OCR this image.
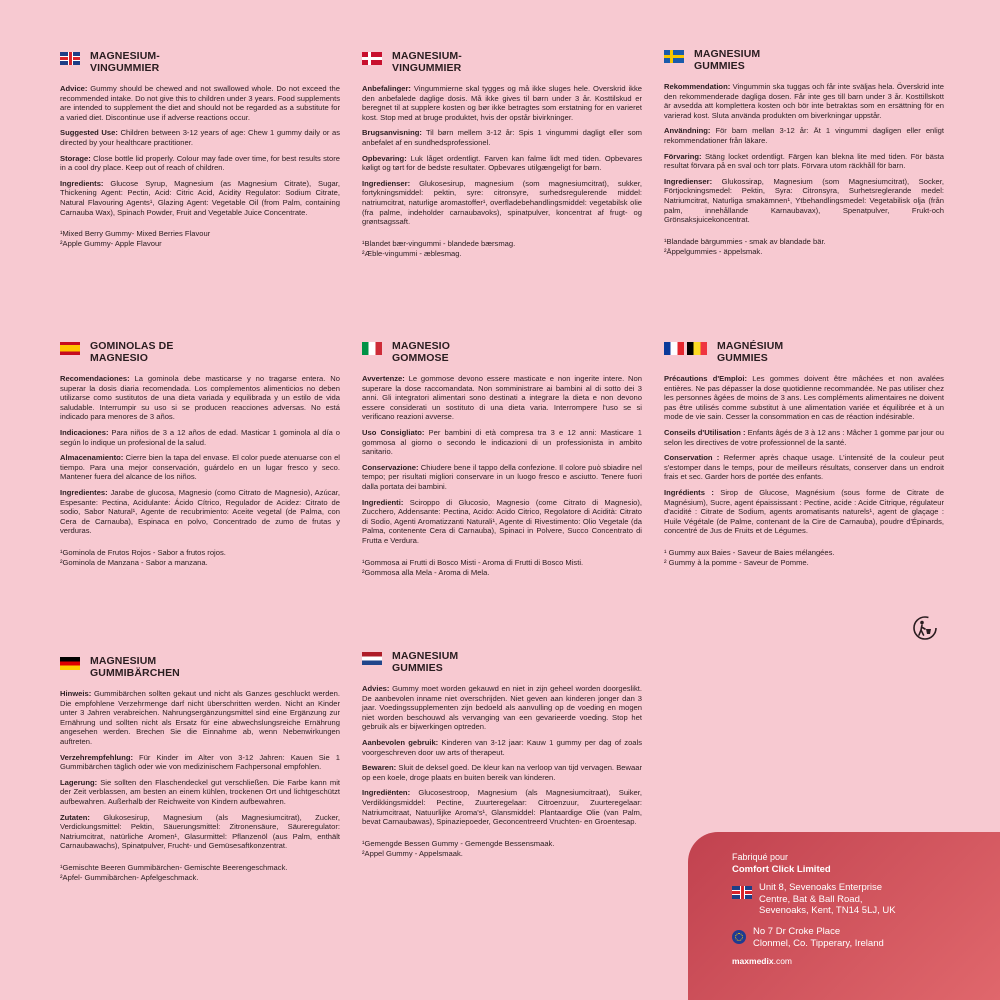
MAGNESIUM-
VINGUMMIER

Advice: Gummy should be chewed and not swallowed whole. Do not exceed the recommended intake. Do not give this to children under 3 years. Food supplements are intended to supplement the diet and should not be regarded as a substitute for a varied diet. Discontinue use if adverse reactions occur.

Suggested Use: Children between 3-12 years of age: Chew 1 gummy daily or as directed by your healthcare practitioner.

Storage: Close bottle lid properly. Colour may fade over time, for best results store in a cool dry place. Keep out of reach of children.

Ingredients: Glucose Syrup, Magnesium (as Magnesium Citrate), Sugar, Thickening Agent: Pectin, Acid: Citric Acid, Acidity Regulator: Sodium Citrate, Natural Flavouring Agents¹, Glazing Agent: Vegetable Oil (from Palm, containing Carnauba Wax), Spinach Powder, Fruit and Vegetable Juice Concentrate.

¹Mixed Berry Gummy- Mixed Berries Flavour

²Apple Gummy- Apple Flavour

GOMINOLAS DE
MAGNESIO

Recomendaciones: La gominola debe masticarse y no tragarse entera. No superar la dosis diaria recomendada. Los complementos alimenticios no deben utilizarse como sustitutos de una dieta variada y equilibrada y un estilo de vida saludable. Interrumpir su uso si se producen reacciones adversas. No está indicado para menores de 3 años.

Indicaciones: Para niños de 3 a 12 años de edad. Masticar 1 gominola al día o según lo indique un profesional de la salud.

Almacenamiento: Cierre bien la tapa del envase. El color puede atenuarse con el tiempo. Para una mejor conservación, guárdelo en un lugar fresco y seco. Mantener fuera del alcance de los niños.

Ingredientes: Jarabe de glucosa, Magnesio (como Citrato de Magnesio), Azúcar, Espesante: Pectina, Acidulante: Ácido Cítrico, Regulador de Acidez: Citrato de sodio, Sabor Natural¹, Agente de recubrimiento: Aceite vegetal (de Palma, con Cera de Carnauba), Espinaca en polvo, Concentrado de zumo de frutas y verduras.

¹Gominola de Frutos Rojos - Sabor a frutos rojos.

²Gominola de Manzana - Sabor a manzana.

MAGNESIUM
GUMMIBÄRCHEN

Hinweis: Gummibärchen sollten gekaut und nicht als Ganzes geschluckt werden. Die empfohlene Verzehrmenge darf nicht überschritten werden. Nicht an Kinder unter 3 Jahren verabreichen. Nahrungsergänzungsmittel sind eine Ergänzung zur Ernährung und sollten nicht als Ersatz für eine abwechslungsreiche Ernährung angesehen werden. Brechen Sie die Einnahme ab, wenn Nebenwirkungen auftreten.

Verzehrempfehlung: Für Kinder im Alter von 3-12 Jahren: Kauen Sie 1 Gummibärchen täglich oder wie von medizinischem Fachpersonal empfohlen.

Lagerung: Sie sollten den Flaschendeckel gut verschließen. Die Farbe kann mit der Zeit verblassen, am besten an einem kühlen, trockenen Ort und lichtgeschützt aufbewahren. Außerhalb der Reichweite von Kindern aufbewahren.

Zutaten: Glukosesirup, Magnesium (als Magnesiumcitrat), Zucker, Verdickungsmittel: Pektin, Säuerungsmittel: Zitronensäure, Säureregulator: Natriumcitrat, natürliche Aromen¹, Glasurmittel: Pflanzenöl (aus Palm, enthält Carnaubawachs), Spinatpulver, Frucht- und Gemüsesaftkonzentrat.

¹Gemischte Beeren Gummibärchen- Gemischte Beerengeschmack.

²Apfel- Gummibärchen- Apfelgeschmack.

MAGNESIUM-
VINGUMMIER

Anbefalinger: Vingummierne skal tygges og må ikke sluges hele. Overskrid ikke den anbefalede daglige dosis. Må ikke gives til børn under 3 år. Kosttilskud er beregnet til at supplere kosten og bør ikke betragtes som erstatning for en varieret kost. Stop med at bruge produktet, hvis der opstår bivirkninger.

Brugsanvisning: Til børn mellem 3-12 år: Spis 1 vingummi dagligt eller som anbefalet af en sundhedsprofessionel.

Opbevaring: Luk låget ordentligt. Farven kan falme lidt med tiden. Opbevares køligt og tørt for de bedste resultater. Opbevares utilgængeligt for børn.

Ingredienser: Glukosesirup, magnesium (som magnesiumcitrat), sukker, fortykningsmiddel: pektin, syre: citronsyre, surhedsregulerende middel: natriumcitrat, naturlige aromastoffer¹, overfladebehandlingsmiddel: vegetabilsk olie (fra palme, indeholder carnaubavoks), spinatpulver, koncentrat af frugt- og grøntsagssaft.

¹Blandet bær-vingummi - blandede bærsmag.

²Æble-vingummi - æblesmag.

MAGNESIO
GOMMOSE

Avvertenze: Le gommose devono essere masticate e non ingerite intere. Non superare la dose raccomandata. Non somministrare ai bambini al di sotto dei 3 anni. Gli integratori alimentari sono destinati a integrare la dieta e non devono essere considerati un sostituto di una dieta varia. Interrompere l'uso se si verificano reazioni avverse.

Uso Consigliato: Per bambini di età compresa tra 3 e 12 anni: Masticare 1 gommosa al giorno o secondo le indicazioni di un professionista in ambito sanitario.

Conservazione: Chiudere bene il tappo della confezione. Il colore può sbiadire nel tempo; per risultati migliori conservare in un luogo fresco e asciutto. Tenere fuori dalla portata dei bambini.

Ingredienti: Sciroppo di Glucosio, Magnesio (come Citrato di Magnesio), Zucchero, Addensante: Pectina, Acido: Acido Citrico, Regolatore di Acidità: Citrato di Sodio, Agenti Aromatizzanti Naturali¹, Agente di Rivestimento: Olio Vegetale (da Palma, contenente Cera di Carnauba), Spinaci in Polvere, Succo Concentrato di Frutta e Verdura.

¹Gommosa ai Frutti di Bosco Misti - Aroma di Frutti di Bosco Misti.

²Gommosa alla Mela - Aroma di Mela.

MAGNESIUM
GUMMIES

Advies: Gummy moet worden gekauwd en niet in zijn geheel worden doorgeslikt. De aanbevolen inname niet overschrijden. Niet geven aan kinderen jonger dan 3 jaar. Voedingssupplementen zijn bedoeld als aanvulling op de voeding en mogen niet worden beschouwd als vervanging van een gevarieerde voeding. Stop het gebruik als er bijwerkingen optreden.

Aanbevolen gebruik: Kinderen van 3-12 jaar: Kauw 1 gummy per dag of zoals voorgeschreven door uw arts of therapeut.

Bewaren: Sluit de deksel goed. De kleur kan na verloop van tijd vervagen. Bewaar op een koele, droge plaats en buiten bereik van kinderen.

Ingrediënten: Glucosestroop, Magnesium (als Magnesiumcitraat), Suiker, Verdikkingsmiddel: Pectine, Zuurteregelaar: Citroenzuur, Zuurteregelaar: Natriumcitraat, Natuurlijke Aroma's¹, Glansmiddel: Plantaardige Olie (van Palm, bevat Carnaubawas), Spinaziepoeder, Geconcentreerd Vruchten- en Groentesap.

¹Gemengde Bessen Gummy - Gemengde Bessensmaak.

²Appel Gummy - Appelsmaak.

MAGNESIUM
GUMMIES

Rekommendation: Vingummin ska tuggas och får inte sväljas hela. Överskrid inte den rekommenderade dagliga dosen. Får inte ges till barn under 3 år. Kosttillskott är avsedda att komplettera kosten och bör inte betraktas som en ersättning för en varierad kost. Sluta använda produkten om biverkningar uppstår.

Användning: För barn mellan 3-12 år: Ät 1 vingummi dagligen eller enligt rekommendationer från läkare.

Förvaring: Stäng locket ordentligt. Färgen kan blekna lite med tiden. För bästa resultat förvara på en sval och torr plats. Förvara utom räckhåll för barn.

Ingredienser: Glukossirap, Magnesium (som Magnesiumcitrat), Socker, Förtjockningsmedel: Pektin, Syra: Citronsyra, Surhetsreglerande medel: Natriumcitrat, Naturliga smakämnen¹, Ytbehandlingsmedel: Vegetabilisk olja (från palm, innehållande Karnaubavax), Spenatpulver, Frukt-och Grönsaksjuicekoncentrat.

¹Blandade bärgummies - smak av blandade bär.

²Äppelgummies - äppelsmak.

MAGNÉSIUM
GUMMIES

Précautions d'Emploi: Les gommes doivent être mâchées et non avalées entières. Ne pas dépasser la dose quotidienne recommandée. Ne pas utiliser chez les personnes âgées de moins de 3 ans. Les compléments alimentaires ne doivent pas être utilisés comme substitut à une alimentation variée et équilibrée et à un mode de vie sain. Cesser la consommation en cas de réaction indésirable.

Conseils d'Utilisation : Enfants âgés de 3 à 12 ans : Mâcher 1 gomme par jour ou selon les directives de votre professionnel de la santé.

Conservation : Refermer après chaque usage. L'intensité de la couleur peut s'estomper dans le temps, pour de meilleurs résultats, conserver dans un endroit frais et sec. Garder hors de portée des enfants.

Ingrédients : Sirop de Glucose, Magnésium (sous forme de Citrate de Magnésium), Sucre, agent épaississant : Pectine, acide : Acide Citrique, régulateur d'acidité : Citrate de Sodium, agents aromatisants naturels¹, agent de glaçage : Huile Végétale (de Palme, contenant de la Cire de Carnauba), poudre d'Épinards, concentré de Jus de Fruits et de Légumes.

¹ Gummy aux Baies - Saveur de Baies mélangées.

² Gummy à la pomme - Saveur de Pomme.

Fabriqué pour
Comfort Click Limited
Unit 8, Sevenoaks Enterprise
Centre, Bat & Ball Road,
Sevenoaks, Kent, TN14 5LJ, UK
No 7 Dr Croke Place
Clonmel, Co. Tipperary, Ireland
maxmedix.com
